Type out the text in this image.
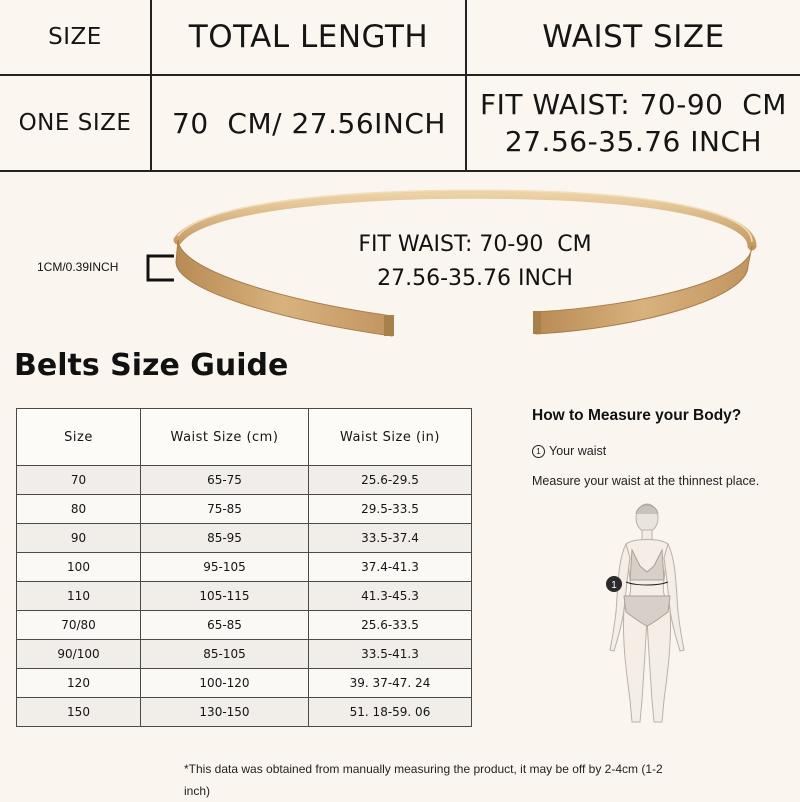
SIZE	TOTAL LENGTH	WAIST SIZE
ONE SIZE	70  CM/ 27.56INCH	FIT WAIST: 70-90  CM
27.56-35.76 INCH
1CM/0.39INCH
FIT WAIST: 70-90  CM
27.56-35.76 INCH
Belts Size Guide
Size	Waist Size (cm)	Waist Size (in)
70	65-75	25.6-29.5
80	75-85	29.5-33.5
90	85-95	33.5-37.4
100	95-105	37.4-41.3
110	105-115	41.3-45.3
70/80	65-85	25.6-33.5
90/100	85-105	33.5-41.3
120	100-120	39. 37-47. 24
150	130-150	51. 18-59. 06
How to Measure your Body?
1 Your waist
Measure your waist at the thinnest place.
1
*This data was obtained from manually measuring the product, it may be off by 2-4cm (1-2 inch)
